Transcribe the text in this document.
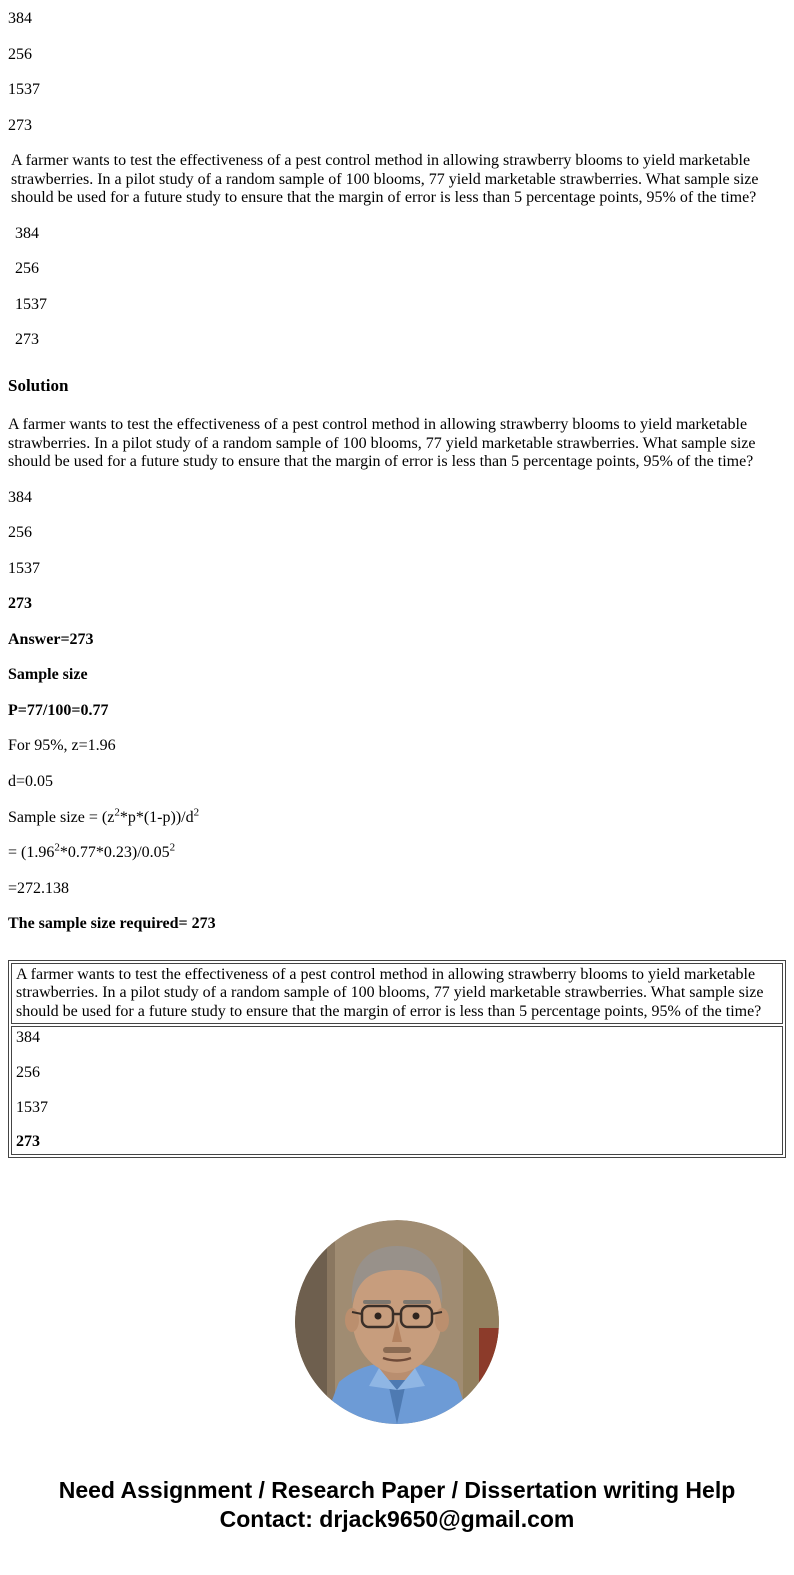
384

256

1537

273

A farmer wants to test the effectiveness of a pest control method in allowing strawberry blooms to yield marketable strawberries. In a pilot study of a random sample of 100 blooms, 77 yield marketable strawberries. What sample size should be used for a future study to ensure that the margin of error is less than 5 percentage points, 95% of the time?

384

256

1537

273

Solution

A farmer wants to test the effectiveness of a pest control method in allowing strawberry blooms to yield marketable strawberries. In a pilot study of a random sample of 100 blooms, 77 yield marketable strawberries. What sample size should be used for a future study to ensure that the margin of error is less than 5 percentage points, 95% of the time?

384

256

1537

273

Answer=273

Sample size

P=77/100=0.77

For 95%, z=1.96

d=0.05

Sample size = $(z^2*p*(1-p))/d^2$

= $(1.96^2*0.77*0.23)/0.05^2$

=272.138

The sample size required= 273

A farmer wants to test the effectiveness of a pest control method in allowing strawberry blooms to yield marketable strawberries. In a pilot study of a random sample of 100 blooms, 77 yield marketable strawberries. What sample size should be used for a future study to ensure that the margin of error is less than 5 percentage points, 95% of the time?

384

256

1537

273

Need Assignment / Research Paper / Dissertation writing Help
Contact: drjack9650@gmail.com
